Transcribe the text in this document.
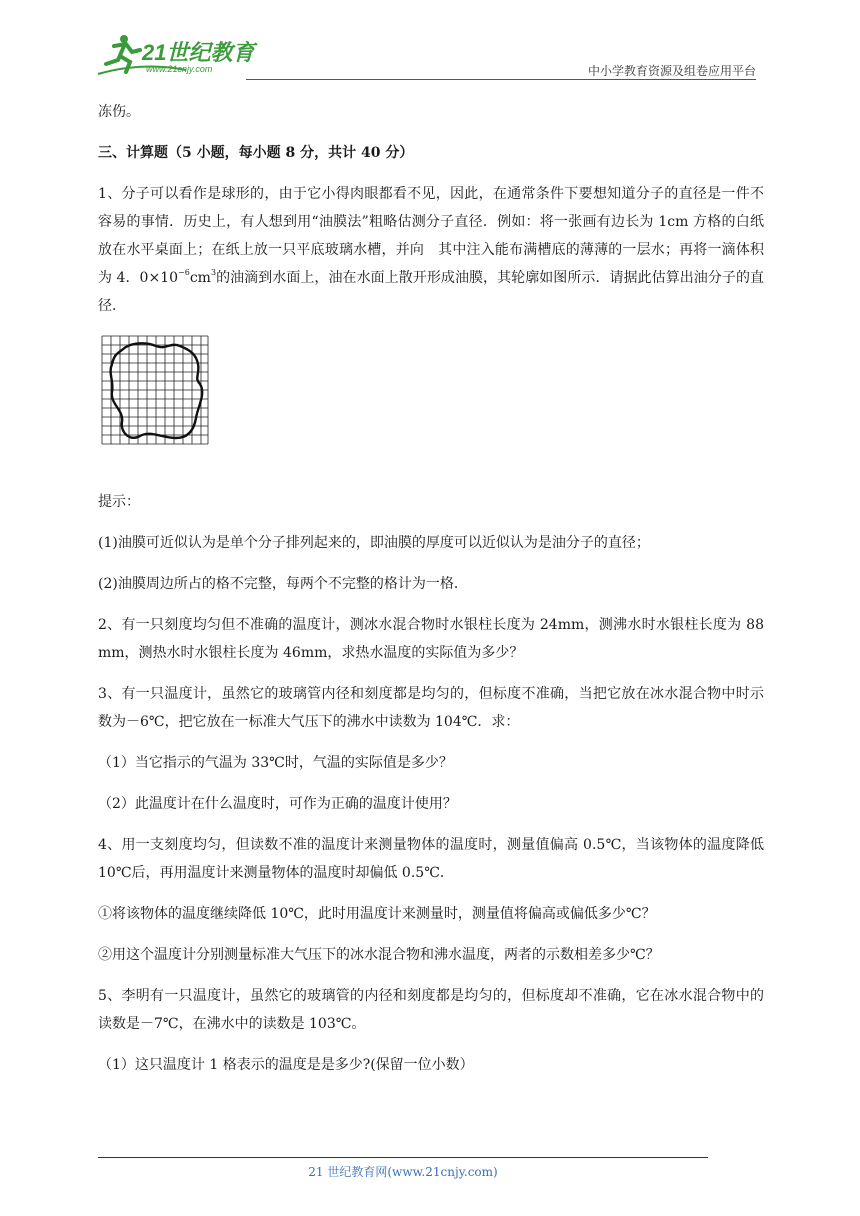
21世纪教育
www.21cnjy.com	中小学教育资源及组卷应用平台

冻伤。

三、计算题（5 小题，每小题 8 分，共计 40 分）

1、分子可以看作是球形的，由于它小得肉眼都看不见，因此，在通常条件下要想知道分子的直径是一件不容易的事情．历史上，有人想到用“油膜法”粗略估测分子直径．例如：将一张画有边长为 1cm 方格的白纸放在水平桌面上；在纸上放一只平底玻璃水槽，并向　其中注入能布满槽底的薄薄的一层水；再将一滴体积为 4．$0\times 10^{-6}cm^3$的油滴到水面上，油在水面上散开形成油膜，其轮廓如图所示．请据此估算出油分子的直径．

提示：

(1)油膜可近似认为是单个分子排列起来的，即油膜的厚度可以近似认为是油分子的直径；

(2)油膜周边所占的格不完整，每两个不完整的格计为一格．

2、有一只刻度均匀但不准确的温度计，测冰水混合物时水银柱长度为 24mm，测沸水时水银柱长度为 88mm，测热水时水银柱长度为 46mm，求热水温度的实际值为多少？

3、有一只温度计，虽然它的玻璃管内径和刻度都是均匀的，但标度不准确，当把它放在冰水混合物中时示数为－6℃，把它放在一标准大气压下的沸水中读数为 104℃．求：

（1）当它指示的气温为 33℃时，气温的实际值是多少？

（2）此温度计在什么温度时，可作为正确的温度计使用？

4、用一支刻度均匀，但读数不准的温度计来测量物体的温度时，测量值偏高 0.5℃，当该物体的温度降低 10℃后，再用温度计来测量物体的温度时却偏低 0.5℃．

①将该物体的温度继续降低 10℃，此时用温度计来测量时，测量值将偏高或偏低多少℃？

②用这个温度计分别测量标准大气压下的冰水混合物和沸水温度，两者的示数相差多少℃？

5、李明有一只温度计，虽然它的玻璃管的内径和刻度都是均匀的，但标度却不准确，它在冰水混合物中的读数是－7℃，在沸水中的读数是 103℃。

（1）这只温度计 1 格表示的温度是是多少?(保留一位小数）

21 世纪教育网(www.21cnjy.com)
